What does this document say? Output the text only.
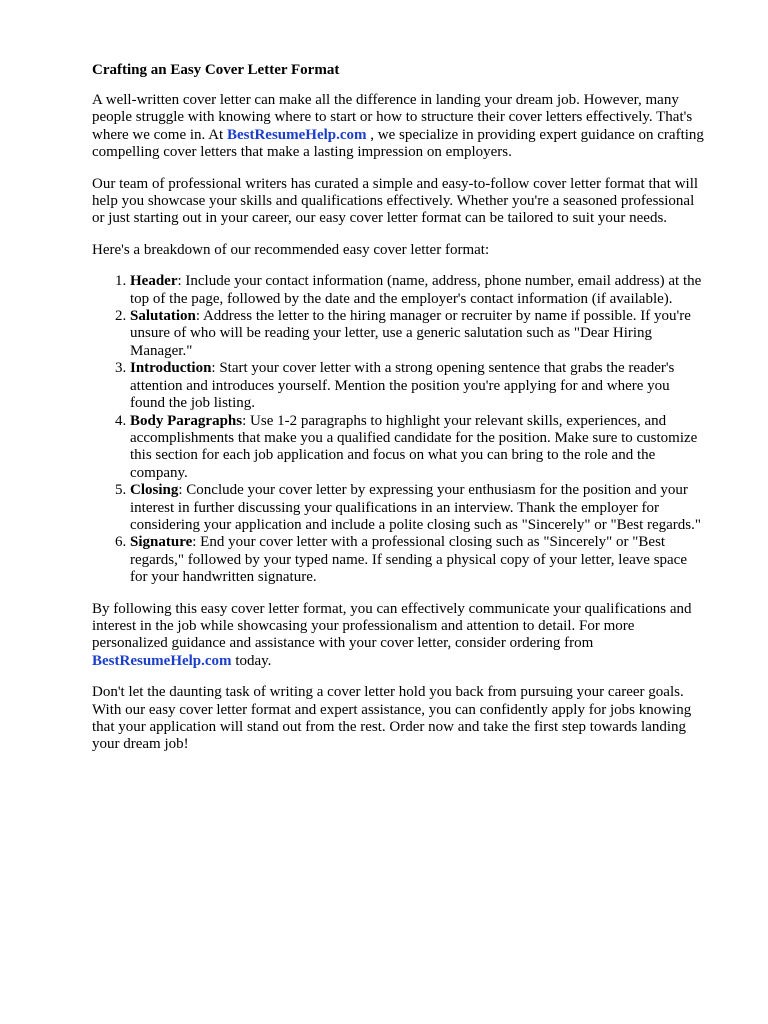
Crafting an Easy Cover Letter Format

A well-written cover letter can make all the difference in landing your dream job. However, many people struggle with knowing where to start or how to structure their cover letters effectively. That's where we come in. At BestResumeHelp.com , we specialize in providing expert guidance on crafting compelling cover letters that make a lasting impression on employers.

Our team of professional writers has curated a simple and easy-to-follow cover letter format that will help you showcase your skills and qualifications effectively. Whether you're a seasoned professional or just starting out in your career, our easy cover letter format can be tailored to suit your needs.

Here's a breakdown of our recommended easy cover letter format:

1. Header: Include your contact information (name, address, phone number, email address) at the top of the page, followed by the date and the employer's contact information (if available).
2. Salutation: Address the letter to the hiring manager or recruiter by name if possible. If you're unsure of who will be reading your letter, use a generic salutation such as "Dear Hiring Manager."
3. Introduction: Start your cover letter with a strong opening sentence that grabs the reader's attention and introduces yourself. Mention the position you're applying for and where you found the job listing.
4. Body Paragraphs: Use 1-2 paragraphs to highlight your relevant skills, experiences, and accomplishments that make you a qualified candidate for the position. Make sure to customize this section for each job application and focus on what you can bring to the role and the company.
5. Closing: Conclude your cover letter by expressing your enthusiasm for the position and your interest in further discussing your qualifications in an interview. Thank the employer for considering your application and include a polite closing such as "Sincerely" or "Best regards."
6. Signature: End your cover letter with a professional closing such as "Sincerely" or "Best regards," followed by your typed name. If sending a physical copy of your letter, leave space for your handwritten signature.

By following this easy cover letter format, you can effectively communicate your qualifications and interest in the job while showcasing your professionalism and attention to detail. For more personalized guidance and assistance with your cover letter, consider ordering from BestResumeHelp.com today.

Don't let the daunting task of writing a cover letter hold you back from pursuing your career goals. With our easy cover letter format and expert assistance, you can confidently apply for jobs knowing that your application will stand out from the rest. Order now and take the first step towards landing your dream job!
